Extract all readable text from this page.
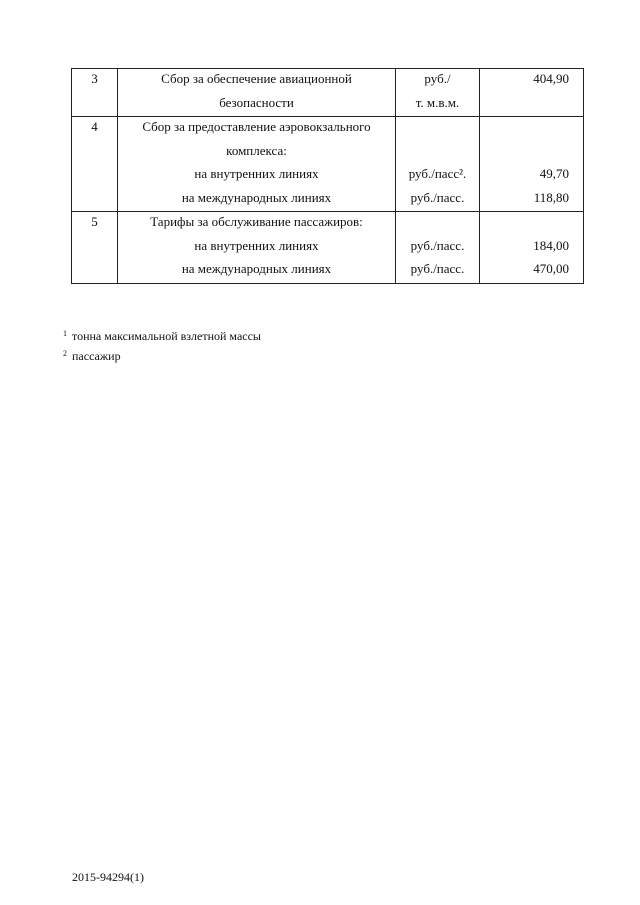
3	Сбор за обеспечение авиационной	руб./	404,90
	безопасности	т. м.в.м.	
4	Сбор за предоставление аэровокзального		
	комплекса:		
	на внутренних линиях	руб./пасс².	49,70
	на международных линиях	руб./пасс.	118,80
5	Тарифы за обслуживание пассажиров:		
	на внутренних линиях	руб./пасс.	184,00
	на международных линиях	руб./пасс.	470,00
$^1$ тонна максимальной взлетной массы
$^2$ пассажир
2015-94294(1)
